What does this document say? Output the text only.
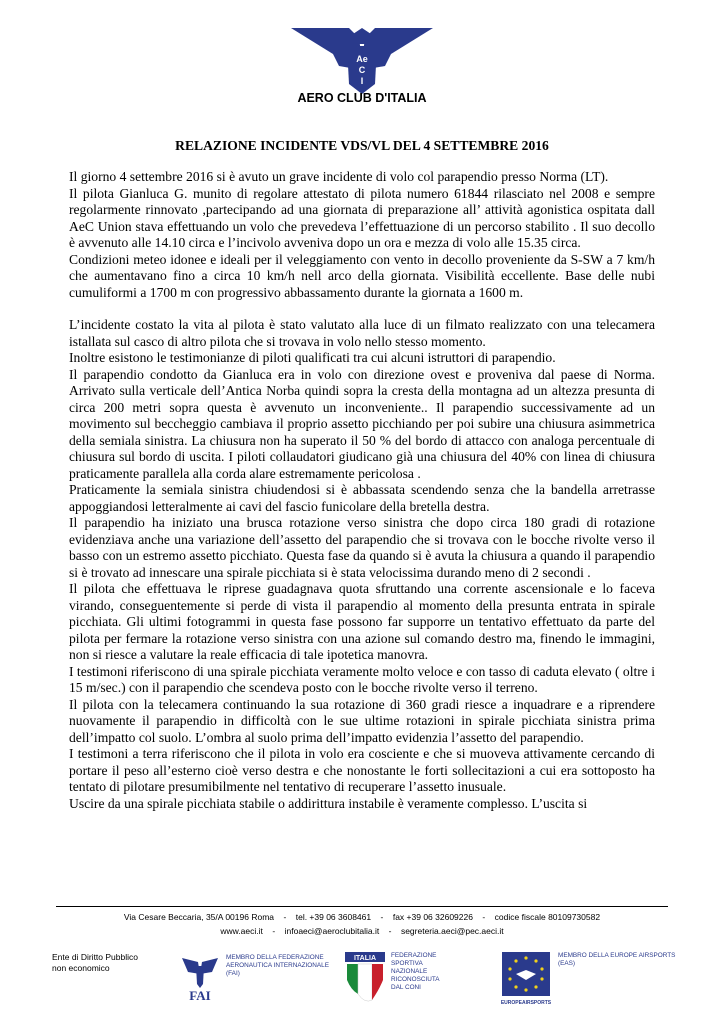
Ae
C
I
AERO CLUB D'ITALIA
RELAZIONE INCIDENTE VDS/VL DEL 4 SETTEMBRE 2016

Il giorno 4 settembre 2016 si è avuto un grave incidente di volo col parapendio presso Norma (LT).

Il pilota Gianluca G. munito di regolare attestato di pilota numero 61844 rilasciato nel 2008 e sempre regolarmente rinnovato ,partecipando ad una giornata di preparazione all’ attività agonistica ospitata dall AeC Union stava effettuando un volo che prevedeva l’effettuazione di un percorso stabilito . Il suo decollo è avvenuto alle 14.10 circa e l’incivolo avveniva dopo un ora e mezza di volo alle 15.35 circa.

Condizioni meteo idonee e ideali per il veleggiamento con vento in decollo proveniente da S-SW a 7 km/h che aumentavano fino a circa 10 km/h nell arco della giornata. Visibilità eccellente. Base delle nubi cumuliformi a 1700 m con progressivo abbassamento durante la giornata a 1600 m.

L’incidente costato la vita al pilota è stato valutato alla luce di un filmato realizzato con una telecamera istallata sul casco di altro pilota che si trovava in volo nello stesso momento.

Inoltre esistono le testimonianze di piloti qualificati tra cui alcuni istruttori di parapendio.

Il parapendio condotto da Gianluca era in volo con direzione ovest e proveniva dal paese di Norma. Arrivato sulla verticale dell’Antica Norba quindi sopra la cresta della montagna ad un altezza presunta di circa 200 metri sopra questa è avvenuto un inconveniente.. Il parapendio successivamente ad un movimento sul beccheggio cambiava il proprio assetto picchiando per poi subire una chiusura asimmetrica della semiala sinistra. La chiusura non ha superato il 50 % del bordo di attacco con analoga percentuale di chiusura sul bordo di uscita. I piloti collaudatori giudicano già una chiusura del 40% con linea di chiusura praticamente parallela alla corda alare estremamente pericolosa .

Praticamente la semiala sinistra chiudendosi si è abbassata scendendo senza che la bandella arretrasse appoggiandosi letteralmente ai cavi del fascio funicolare della bretella destra.

Il parapendio ha iniziato una brusca rotazione verso sinistra che dopo circa 180 gradi di rotazione evidenziava anche una variazione dell’assetto del parapendio che si trovava con le bocche rivolte verso il basso con un estremo assetto picchiato. Questa fase da quando si è avuta la chiusura a quando il parapendio si è trovato ad innescare una spirale picchiata si è stata velocissima durando meno di 2 secondi .

Il pilota che effettuava le riprese guadagnava quota sfruttando una corrente ascensionale e lo faceva virando, conseguentemente si perde di vista il parapendio al momento della presunta entrata in spirale picchiata. Gli ultimi fotogrammi in questa fase possono far supporre un tentativo effettuato da parte del pilota per fermare la rotazione verso sinistra con una azione sul comando destro ma, finendo le immagini, non si riesce a valutare la reale efficacia di tale ipotetica manovra.

I testimoni riferiscono di una spirale picchiata veramente molto veloce e con tasso di caduta elevato ( oltre i 15 m/sec.) con il parapendio che scendeva posto con le bocche rivolte verso il terreno.

Il pilota con la telecamera continuando la sua rotazione di 360 gradi riesce a inquadrare e a riprendere nuovamente il parapendio in difficoltà con le sue ultime rotazioni in spirale picchiata sinistra prima dell’impatto col suolo. L’ombra al suolo prima dell’impatto evidenzia l’assetto del parapendio.

I testimoni a terra riferiscono che il pilota in volo era cosciente e che si muoveva attivamente cercando di portare il peso all’esterno cioè verso destra e che nonostante le forti sollecitazioni a cui era sottoposto ha tentato di pilotare presumibilmente nel tentativo di recuperare l’assetto inusuale.

Uscire da una spirale picchiata stabile o addirittura instabile è veramente complesso. L’uscita si

Via Cesare Beccaria, 35/A 00196 Roma    -    tel. +39 06 3608461    -    fax +39 06 32609226    -    codice fiscale 80109730582
www.aeci.it    -    infoaeci@aeroclubitalia.it    -    segreteria.aeci@pec.aeci.it
Ente di Diritto Pubblico
non economico
FAI
MEMBRO DELLA FEDERAZIONE AERONAUTICA INTERNAZIONALE (FAI)
ITALIA FEDERAZIONE
SPORTIVA
NAZIONALE
RICONOSCIUTA
DAL CONI
EUROPEAIRSPORTS
MEMBRO DELLA EUROPE AIRSPORTS (EAS)
